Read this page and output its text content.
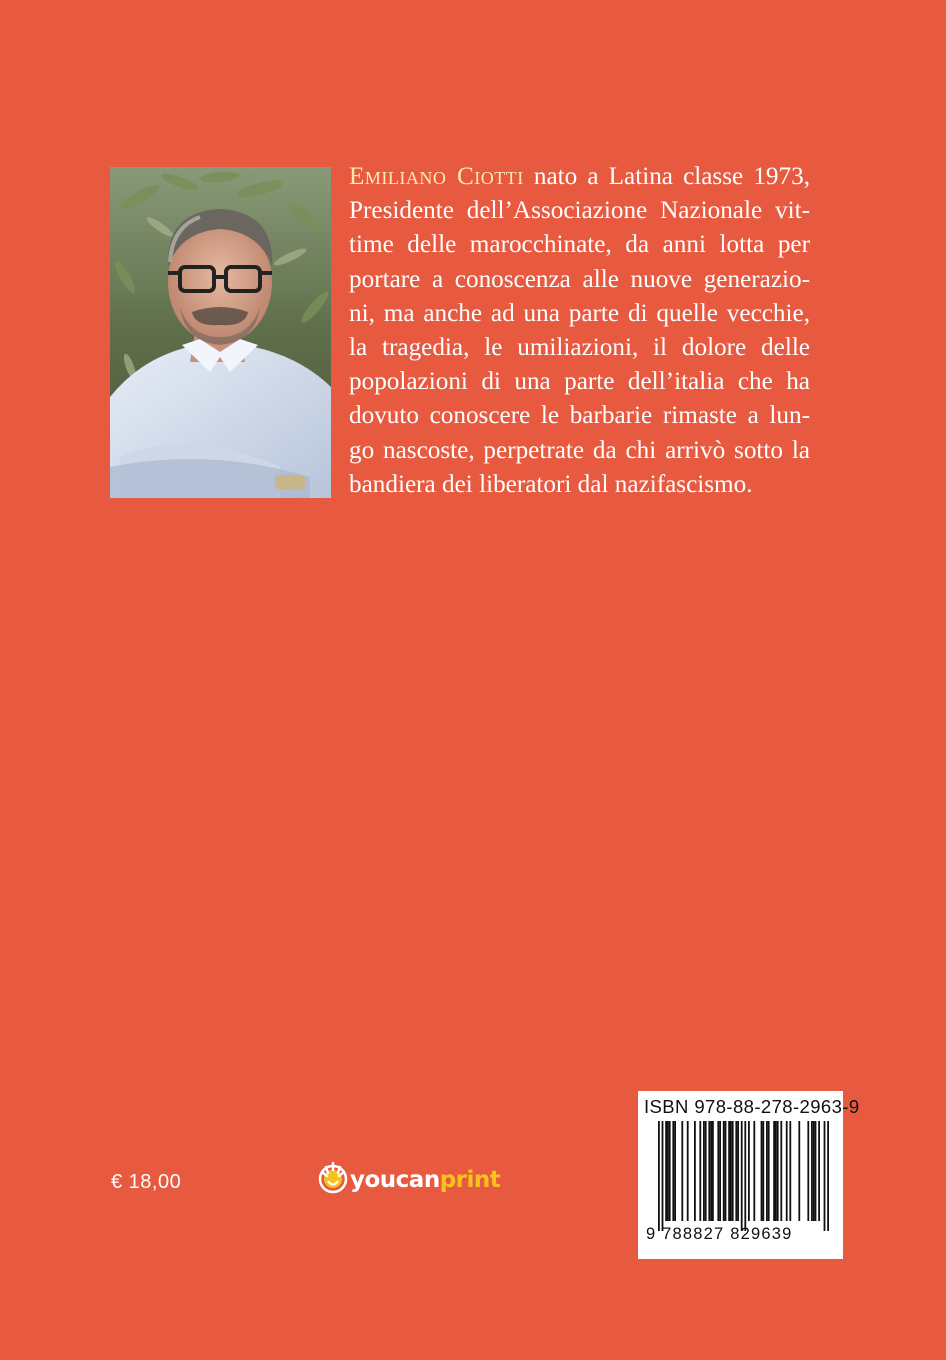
Emiliano Ciotti nato a Latina classe 1973,
Presidente dell’Associazione Nazionale vit-
time delle marocchinate, da anni lotta per
portare a conoscenza alle nuove generazio-
ni, ma anche ad una parte di quelle vecchie,
la tragedia, le umiliazioni, il dolore delle
popolazioni di una parte dell’italia che ha
dovuto conoscere le barbarie rimaste a lun-
go nascoste, perpetrate da chi arrivò sotto la
bandiera dei liberatori dal nazifascismo.
€ 18,00	youcanprint
ISBN 978-88-278-2963-9
9 788827 829639
